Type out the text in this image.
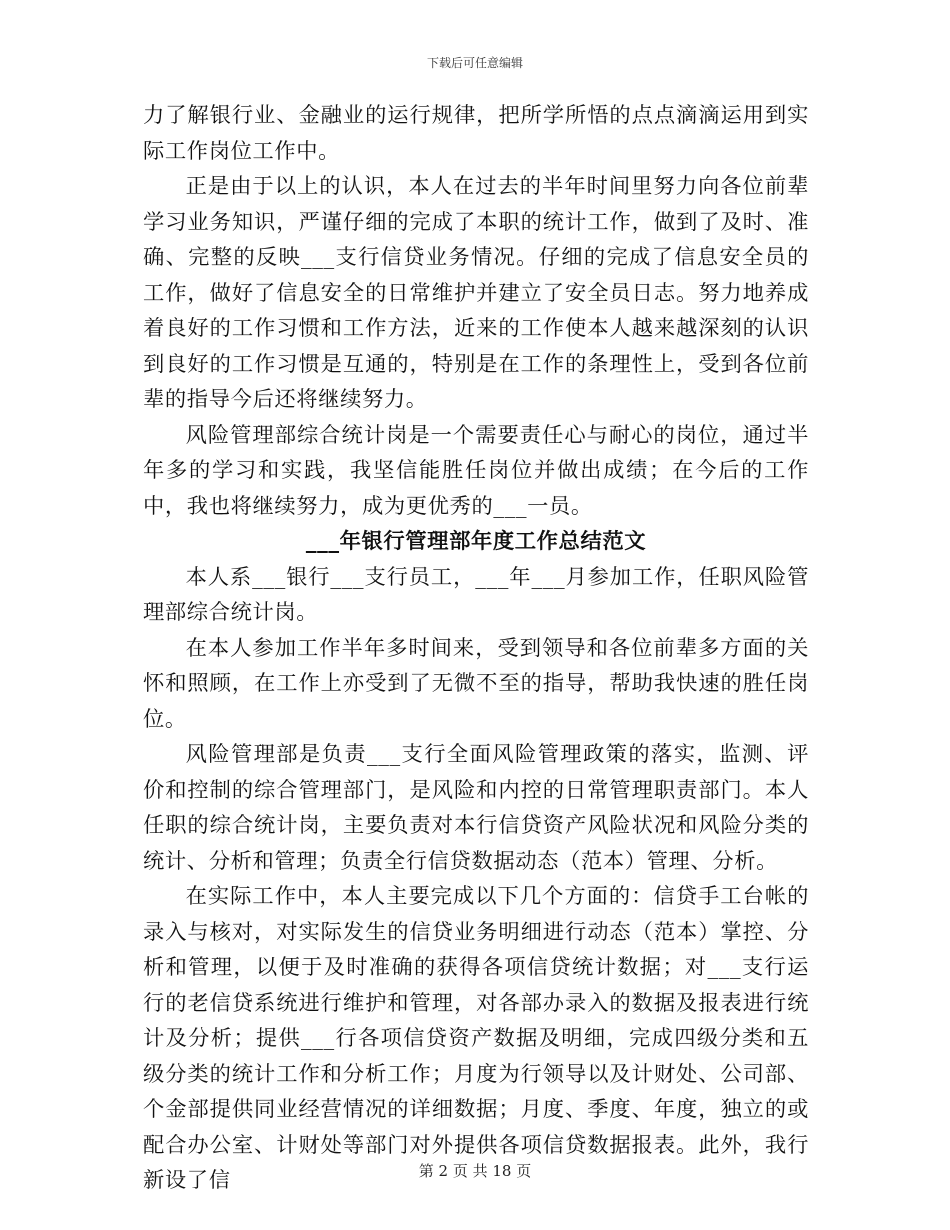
下载后可任意编辑

力了解银行业、金融业的运行规律，把所学所悟的点点滴滴运用到实际工作岗位工作中。

正是由于以上的认识，本人在过去的半年时间里努力向各位前辈学习业务知识，严谨仔细的完成了本职的统计工作，做到了及时、准确、完整的反映___支行信贷业务情况。仔细的完成了信息安全员的工作，做好了信息安全的日常维护并建立了安全员日志。努力地养成着良好的工作习惯和工作方法，近来的工作使本人越来越深刻的认识到良好的工作习惯是互通的，特别是在工作的条理性上，受到各位前辈的指导今后还将继续努力。

风险管理部综合统计岗是一个需要责任心与耐心的岗位，通过半年多的学习和实践，我坚信能胜任岗位并做出成绩；在今后的工作中，我也将继续努力，成为更优秀的___一员。

___年银行管理部年度工作总结范文

本人系___银行___支行员工，___年___月参加工作，任职风险管理部综合统计岗。

在本人参加工作半年多时间来，受到领导和各位前辈多方面的关怀和照顾，在工作上亦受到了无微不至的指导，帮助我快速的胜任岗位。

风险管理部是负责___支行全面风险管理政策的落实，监测、评价和控制的综合管理部门，是风险和内控的日常管理职责部门。本人任职的综合统计岗，主要负责对本行信贷资产风险状况和风险分类的统计、分析和管理；负责全行信贷数据动态（范本）管理、分析。

在实际工作中，本人主要完成以下几个方面的：信贷手工台帐的录入与核对，对实际发生的信贷业务明细进行动态（范本）掌控、分析和管理，以便于及时准确的获得各项信贷统计数据；对___支行运行的老信贷系统进行维护和管理，对各部办录入的数据及报表进行统计及分析；提供___行各项信贷资产数据及明细，完成四级分类和五级分类的统计工作和分析工作；月度为行领导以及计财处、公司部、个金部提供同业经营情况的详细数据；月度、季度、年度，独立的或配合办公室、计财处等部门对外提供各项信贷数据报表。此外，我行新设了信	第 2 页 共 18 页
